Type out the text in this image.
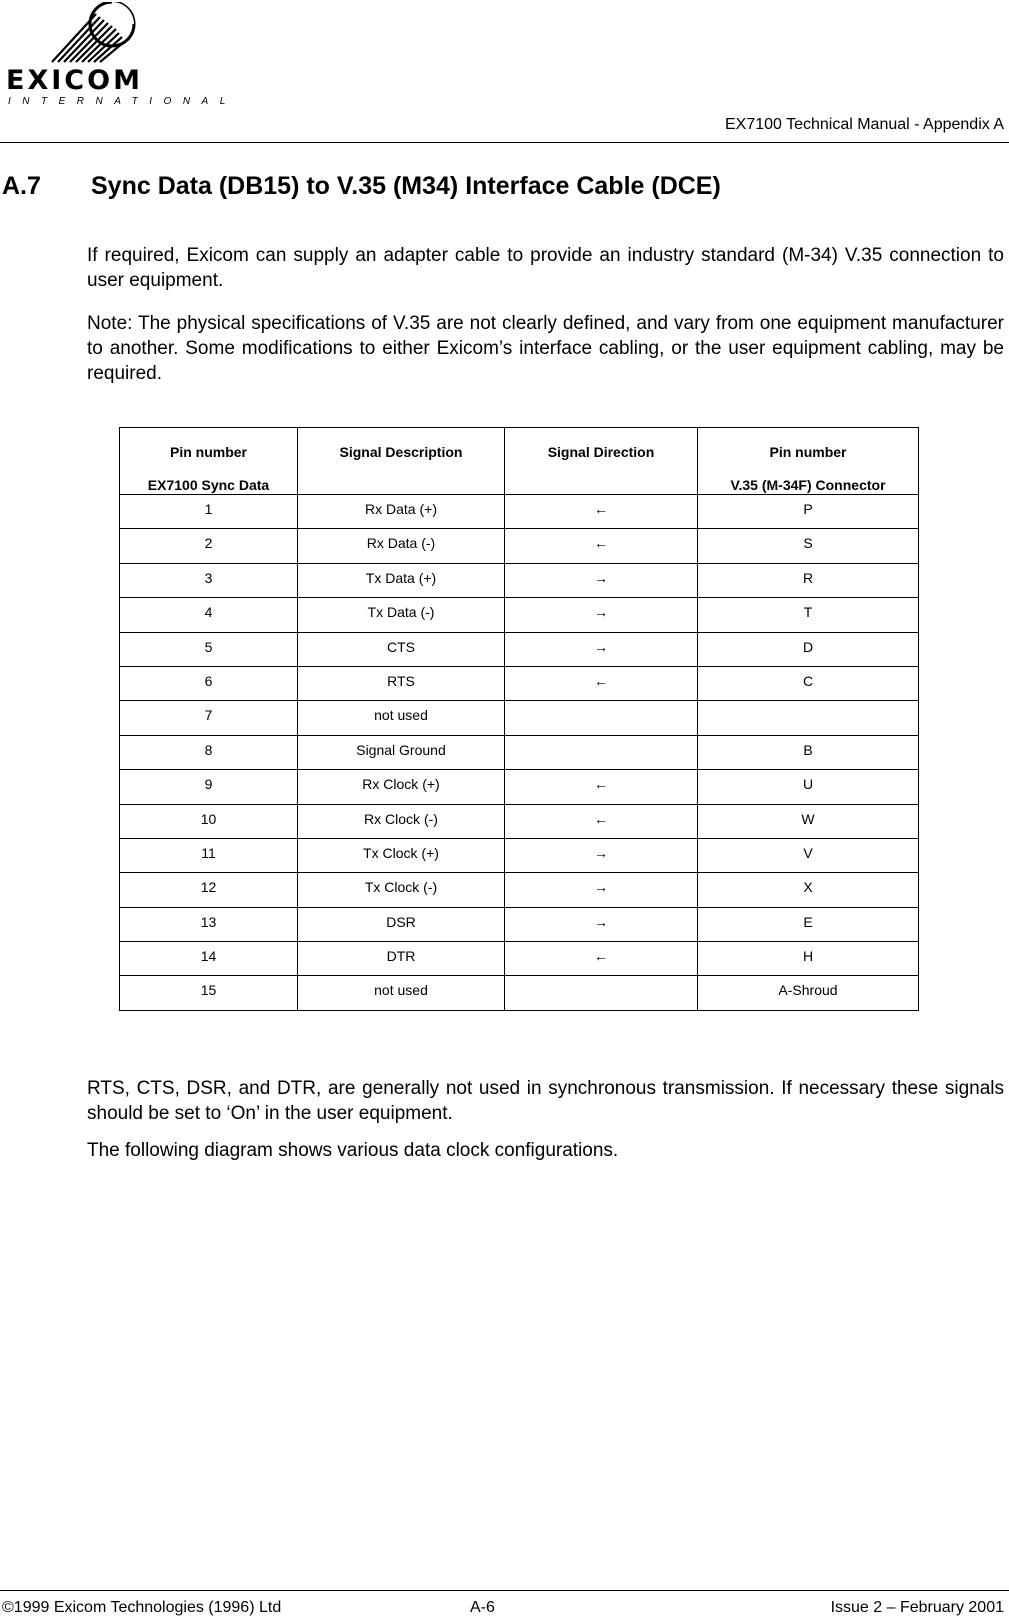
EXICOM
INTERNATIONAL
EX7100 Technical Manual - Appendix A
A.7 Sync Data (DB15) to V.35 (M34) Interface Cable (DCE)
If required, Exicom can supply an adapter cable to provide an industry standard (M-34) V.35 connection to user equipment.
Note: The physical specifications of V.35 are not clearly defined, and vary from one equipment manufacturer to another. Some modifications to either Exicom’s interface cabling, or the user equipment cabling, may be required.
Pin number
EX7100 Sync Data	Signal Description	Signal Direction	Pin number
V.35 (M-34F) Connector

1	Rx Data (+)	←	P
2	Rx Data (-)	←	S
3	Tx Data (+)	→	R
4	Tx Data (-)	→	T
5	CTS	→	D
6	RTS	←	C
7	not used		
8	Signal Ground		B
9	Rx Clock (+)	←	U
10	Rx Clock (-)	←	W
11	Tx Clock (+)	→	V
12	Tx Clock (-)	→	X
13	DSR	→	E
14	DTR	←	H
15	not used		A-Shroud
RTS, CTS, DSR, and DTR, are generally not used in synchronous transmission. If necessary these signals should be set to ‘On’ in the user equipment.
The following diagram shows various data clock configurations.
©1999 Exicom Technologies (1996) Ltd	A-6	Issue 2 – February 2001
